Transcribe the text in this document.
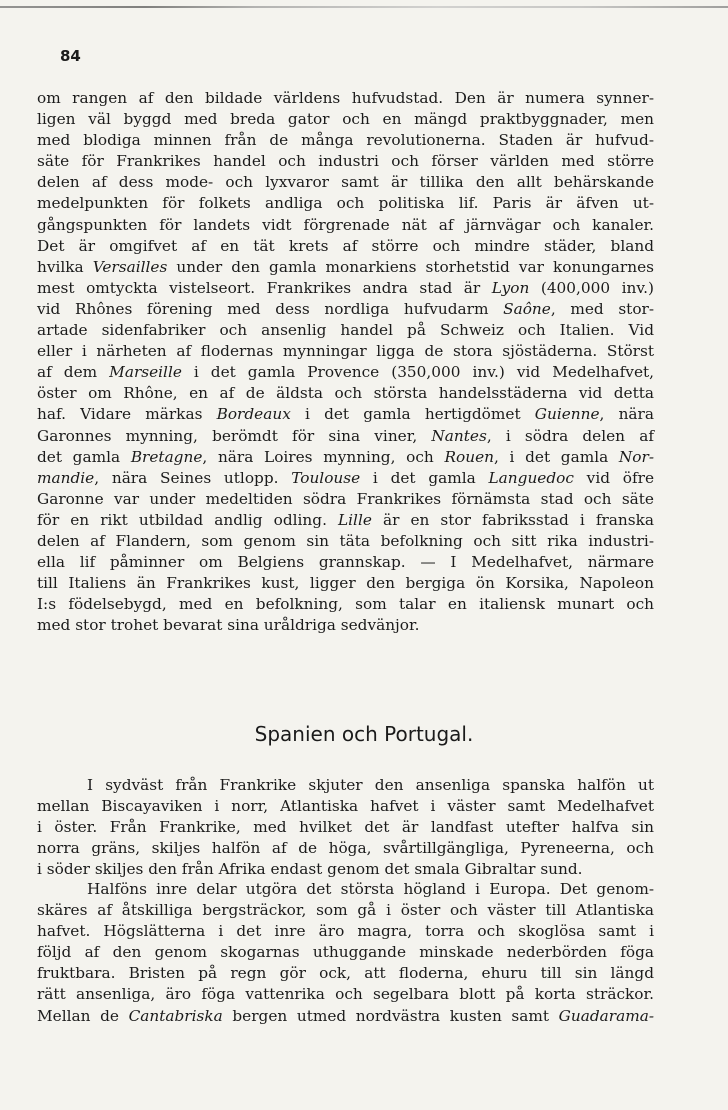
84
om rangen af den bildade världens hufvudstad. Den är numera synner-
ligen väl byggd med breda gator och en mängd praktbyggnader, men
med blodiga minnen från de många revolutionerna. Staden är hufvud-
säte för Frankrikes handel och industri och förser världen med större
delen af dess mode- och lyxvaror samt är tillika den allt behärskande
medelpunkten för folkets andliga och politiska lif. Paris är äfven ut-
gångspunkten för landets vidt förgrenade nät af järnvägar och kanaler.
Det är omgifvet af en tät krets af större och mindre städer, bland
hvilka Versailles under den gamla monarkiens storhetstid var konungarnes
mest omtyckta vistelseort. Frankrikes andra stad är Lyon (400,000 inv.)
vid Rhônes förening med dess nordliga hufvudarm Saône, med stor-
artade sidenfabriker och ansenlig handel på Schweiz och Italien. Vid
eller i närheten af flodernas mynningar ligga de stora sjöstäderna. Störst
af dem Marseille i det gamla Provence (350,000 inv.) vid Medelhafvet,
öster om Rhône, en af de äldsta och största handelsstäderna vid detta
haf. Vidare märkas Bordeaux i det gamla hertigdömet Guienne, nära
Garonnes mynning, berömdt för sina viner, Nantes, i södra delen af
det gamla Bretagne, nära Loires mynning, och Rouen, i det gamla Nor-
mandie, nära Seines utlopp. Toulouse i det gamla Languedoc vid öfre
Garonne var under medeltiden södra Frankrikes förnämsta stad och säte
för en rikt utbildad andlig odling. Lille är en stor fabriksstad i franska
delen af Flandern, som genom sin täta befolkning och sitt rika industri-
ella lif påminner om Belgiens grannskap. — I Medelhafvet, närmare
till Italiens än Frankrikes kust, ligger den bergiga ön Korsika, Napoleon
I:s födelsebygd, med en befolkning, som talar en italiensk munart och
med stor trohet bevarat sina uråldriga sedvänjor.
Spanien och Portugal.
I sydväst från Frankrike skjuter den ansenliga spanska halfön ut
mellan Biscayaviken i norr, Atlantiska hafvet i väster samt Medelhafvet
i öster. Från Frankrike, med hvilket det är landfast utefter halfva sin
norra gräns, skiljes halfön af de höga, svårtillgängliga, Pyreneerna, och
i söder skiljes den från Afrika endast genom det smala Gibraltar sund.
Halföns inre delar utgöra det största högland i Europa. Det genom-
skäres af åtskilliga bergsträckor, som gå i öster och väster till Atlantiska
hafvet. Högslätterna i det inre äro magra, torra och skoglösa samt i
följd af den genom skogarnas uthuggande minskade nederbörden föga
fruktbara. Bristen på regn gör ock, att floderna, ehuru till sin längd
rätt ansenliga, äro föga vattenrika och segelbara blott på korta sträckor.
Mellan de Cantabriska bergen utmed nordvästra kusten samt Guadarama-
